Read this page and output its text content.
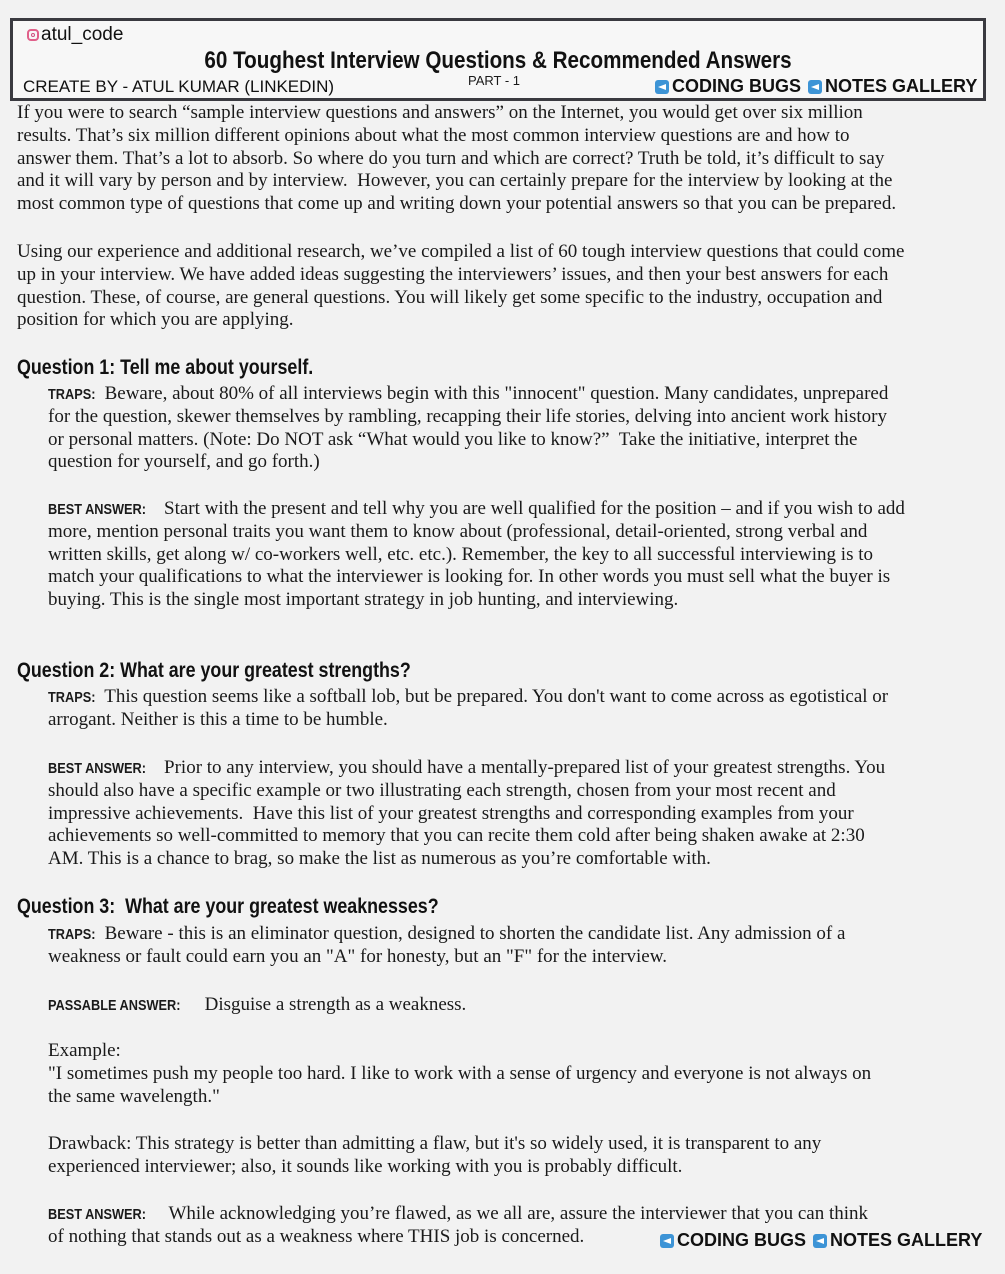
atul_code
60 Toughest Interview Questions & Recommended Answers
CREATE BY - ATUL KUMAR (LINKEDIN)	PART - 1	CODING BUGS NOTES GALLERY
If you were to search “sample interview questions and answers” on the Internet, you would get over six million
results. That’s six million different opinions about what the most common interview questions are and how to
answer them. That’s a lot to absorb. So where do you turn and which are correct? Truth be told, it’s difficult to say
and it will vary by person and by interview.  However, you can certainly prepare for the interview by looking at the
most common type of questions that come up and writing down your potential answers so that you can be prepared.
Using our experience and additional research, we’ve compiled a list of 60 tough interview questions that could come
up in your interview. We have added ideas suggesting the interviewers’ issues, and then your best answers for each
question. These, of course, are general questions. You will likely get some specific to the industry, occupation and
position for which you are applying.
Question 1: Tell me about yourself.
TRAPS: Beware, about 80% of all interviews begin with this "innocent" question. Many candidates, unprepared
for the question, skewer themselves by rambling, recapping their life stories, delving into ancient work history
or personal matters. (Note: Do NOT ask “What would you like to know?”  Take the initiative, interpret the
question for yourself, and go forth.)
BEST ANSWER: Start with the present and tell why you are well qualified for the position – and if you wish to add
more, mention personal traits you want them to know about (professional, detail-oriented, strong verbal and
written skills, get along w/ co-workers well, etc. etc.). Remember, the key to all successful interviewing is to
match your qualifications to what the interviewer is looking for. In other words you must sell what the buyer is
buying. This is the single most important strategy in job hunting, and interviewing.
Question 2: What are your greatest strengths?
TRAPS: This question seems like a softball lob, but be prepared. You don't want to come across as egotistical or
arrogant. Neither is this a time to be humble.
BEST ANSWER: Prior to any interview, you should have a mentally-prepared list of your greatest strengths. You
should also have a specific example or two illustrating each strength, chosen from your most recent and
impressive achievements.  Have this list of your greatest strengths and corresponding examples from your
achievements so well-committed to memory that you can recite them cold after being shaken awake at 2:30
AM. This is a chance to brag, so make the list as numerous as you’re comfortable with.
Question 3:  What are your greatest weaknesses?
TRAPS: Beware - this is an eliminator question, designed to shorten the candidate list. Any admission of a
weakness or fault could earn you an "A" for honesty, but an "F" for the interview.
PASSABLE ANSWER: Disguise a strength as a weakness.
Example:
"I sometimes push my people too hard. I like to work with a sense of urgency and everyone is not always on
the same wavelength."
Drawback: This strategy is better than admitting a flaw, but it's so widely used, it is transparent to any
experienced interviewer; also, it sounds like working with you is probably difficult.
BEST ANSWER:  While acknowledging you’re flawed, as we all are, assure the interviewer that you can think
of nothing that stands out as a weakness where THIS job is concerned.	CODING BUGS NOTES GALLERY
